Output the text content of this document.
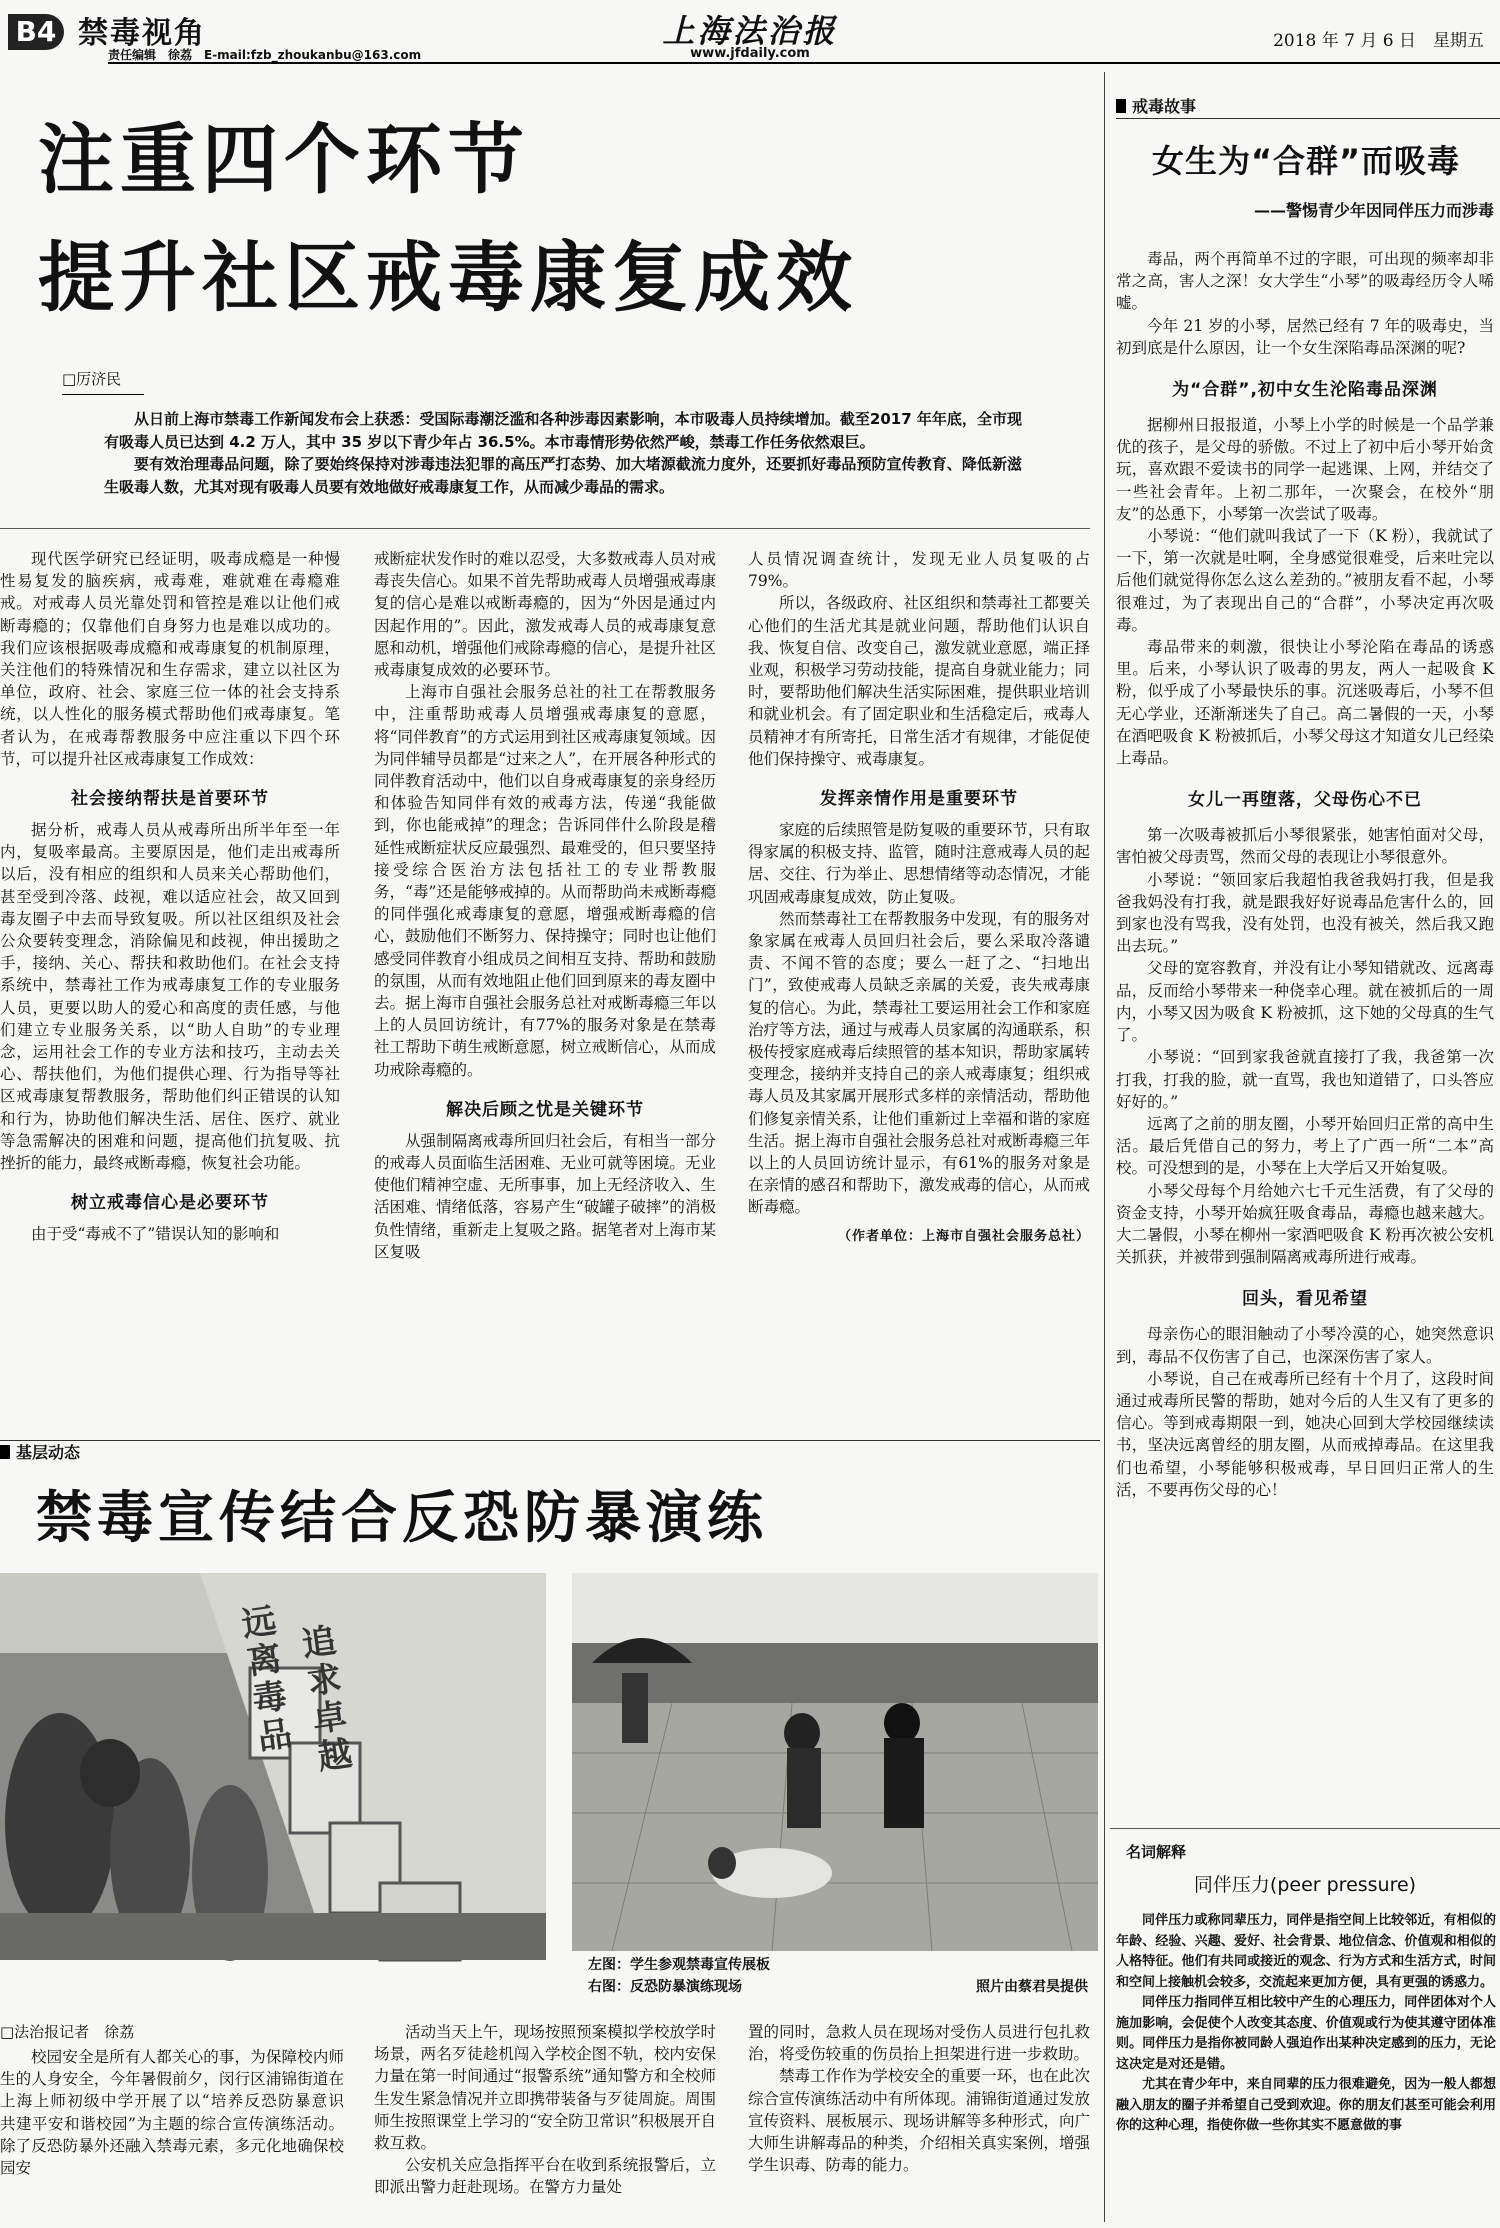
B4 禁毒视角
责任编辑　徐荔　E-mail:fzb_zhoukanbu@163.com
上海法治报
www.jfdaily.com
2018 年 7 月 6 日　星期五
注重四个环节
提升社区戒毒康复成效
□厉济民

从日前上海市禁毒工作新闻发布会上获悉：受国际毒潮泛滥和各种涉毒因素影响，本市吸毒人员持续增加。截至2017 年年底，全市现有吸毒人员已达到 4.2 万人，其中 35 岁以下青少年占 36.5%。本市毒情形势依然严峻，禁毒工作任务依然艰巨。

要有效治理毒品问题，除了要始终保持对涉毒违法犯罪的高压严打态势、加大堵源截流力度外，还要抓好毒品预防宣传教育、降低新滋生吸毒人数，尤其对现有吸毒人员要有效地做好戒毒康复工作，从而减少毒品的需求。

现代医学研究已经证明，吸毒成瘾是一种慢性易复发的脑疾病，戒毒难，难就难在毒瘾难戒。对戒毒人员光靠处罚和管控是难以让他们戒断毒瘾的；仅靠他们自身努力也是难以成功的。我们应该根据吸毒成瘾和戒毒康复的机制原理，关注他们的特殊情况和生存需求，建立以社区为单位，政府、社会、家庭三位一体的社会支持系统，以人性化的服务模式帮助他们戒毒康复。笔者认为，在戒毒帮教服务中应注重以下四个环节，可以提升社区戒毒康复工作成效：

社会接纳帮扶是首要环节

据分析，戒毒人员从戒毒所出所半年至一年内，复吸率最高。主要原因是，他们走出戒毒所以后，没有相应的组织和人员来关心帮助他们，甚至受到冷落、歧视，难以适应社会，故又回到毒友圈子中去而导致复吸。所以社区组织及社会公众要转变理念，消除偏见和歧视，伸出援助之手，接纳、关心、帮扶和救助他们。在社会支持系统中，禁毒社工作为戒毒康复工作的专业服务人员，更要以助人的爱心和高度的责任感，与他们建立专业服务关系，以“助人自助”的专业理念，运用社会工作的专业方法和技巧，主动去关心、帮扶他们，为他们提供心理、行为指导等社区戒毒康复帮教服务，帮助他们纠正错误的认知和行为，协助他们解决生活、居住、医疗、就业等急需解决的困难和问题，提高他们抗复吸、抗挫折的能力，最终戒断毒瘾，恢复社会功能。

树立戒毒信心是必要环节

由于受“毒戒不了”错误认知的影响和

戒断症状发作时的难以忍受，大多数戒毒人员对戒毒丧失信心。如果不首先帮助戒毒人员增强戒毒康复的信心是难以戒断毒瘾的，因为“外因是通过内因起作用的”。因此，激发戒毒人员的戒毒康复意愿和动机，增强他们戒除毒瘾的信心，是提升社区戒毒康复成效的必要环节。

上海市自强社会服务总社的社工在帮教服务中，注重帮助戒毒人员增强戒毒康复的意愿，将“同伴教育”的方式运用到社区戒毒康复领域。因为同伴辅导员都是“过来之人”，在开展各种形式的同伴教育活动中，他们以自身戒毒康复的亲身经历和体验告知同伴有效的戒毒方法，传递“我能做到，你也能戒掉”的理念；告诉同伴什么阶段是稽延性戒断症状反应最强烈、最难受的，但只要坚持接受综合医治方法包括社工的专业帮教服务，“毒”还是能够戒掉的。从而帮助尚未戒断毒瘾的同伴强化戒毒康复的意愿，增强戒断毒瘾的信心，鼓励他们不断努力、保持操守；同时也让他们感受同伴教育小组成员之间相互支持、帮助和鼓励的氛围，从而有效地阻止他们回到原来的毒友圈中去。据上海市自强社会服务总社对戒断毒瘾三年以上的人员回访统计，有77%的服务对象是在禁毒社工帮助下萌生戒断意愿，树立戒断信心，从而成功戒除毒瘾的。

解决后顾之忧是关键环节

从强制隔离戒毒所回归社会后，有相当一部分的戒毒人员面临生活困难、无业可就等困境。无业使他们精神空虚、无所事事，加上无经济收入、生活困难、情绪低落，容易产生“破罐子破摔”的消极负性情绪，重新走上复吸之路。据笔者对上海市某区复吸

人员情况调查统计，发现无业人员复吸的占79%。

所以，各级政府、社区组织和禁毒社工都要关心他们的生活尤其是就业问题，帮助他们认识自我、恢复自信、改变自己，激发就业意愿，端正择业观，积极学习劳动技能，提高自身就业能力；同时，要帮助他们解决生活实际困难，提供职业培训和就业机会。有了固定职业和生活稳定后，戒毒人员精神才有所寄托，日常生活才有规律，才能促使他们保持操守、戒毒康复。

发挥亲情作用是重要环节

家庭的后续照管是防复吸的重要环节，只有取得家属的积极支持、监管，随时注意戒毒人员的起居、交往、行为举止、思想情绪等动态情况，才能巩固戒毒康复成效，防止复吸。

然而禁毒社工在帮教服务中发现，有的服务对象家属在戒毒人员回归社会后，要么采取冷落谴责、不闻不管的态度；要么一赶了之、“扫地出门”，致使戒毒人员缺乏亲属的关爱，丧失戒毒康复的信心。为此，禁毒社工要运用社会工作和家庭治疗等方法，通过与戒毒人员家属的沟通联系，积极传授家庭戒毒后续照管的基本知识，帮助家属转变理念，接纳并支持自己的亲人戒毒康复；组织戒毒人员及其家属开展形式多样的亲情活动，帮助他们修复亲情关系，让他们重新过上幸福和谐的家庭生活。据上海市自强社会服务总社对戒断毒瘾三年以上的人员回访统计显示，有61%的服务对象是在亲情的感召和帮助下，激发戒毒的信心，从而戒断毒瘾。

（作者单位：上海市自强社会服务总社）
基层动态
禁毒宣传结合反恐防暴演练
远离毒品
追求卓越
左图：学生参观禁毒宣传展板
右图：反恐防暴演练现场	照片由蔡君昊提供
□法治报记者　徐荔

校园安全是所有人都关心的事，为保障校内师生的人身安全，今年暑假前夕，闵行区浦锦街道在上海上师初级中学开展了以“培养反恐防暴意识　共建平安和谐校园”为主题的综合宣传演练活动。除了反恐防暴外还融入禁毒元素，多元化地确保校园安

活动当天上午，现场按照预案模拟学校放学时场景，两名歹徒趁机闯入学校企图不轨，校内安保力量在第一时间通过“报警系统”通知警方和全校师生发生紧急情况并立即携带装备与歹徒周旋。周围师生按照课堂上学习的“安全防卫常识”积极展开自救互救。

公安机关应急指挥平台在收到系统报警后，立即派出警力赶赴现场。在警方力量处

置的同时，急救人员在现场对受伤人员进行包扎救治，将受伤较重的伤员抬上担架进行进一步救助。

禁毒工作作为学校安全的重要一环，也在此次综合宣传演练活动中有所体现。浦锦街道通过发放宣传资料、展板展示、现场讲解等多种形式，向广大师生讲解毒品的种类，介绍相关真实案例，增强学生识毒、防毒的能力。

戒毒故事
女生为“合群”而吸毒
——警惕青少年因同伴压力而涉毒

毒品，两个再简单不过的字眼，可出现的频率却非常之高，害人之深！女大学生“小琴”的吸毒经历令人唏嘘。

今年 21 岁的小琴，居然已经有 7 年的吸毒史，当初到底是什么原因，让一个女生深陷毒品深渊的呢?

为“合群”,初中女生沦陷毒品深渊

据柳州日报报道，小琴上小学的时候是一个品学兼优的孩子，是父母的骄傲。不过上了初中后小琴开始贪玩，喜欢跟不爱读书的同学一起逃课、上网，并结交了一些社会青年。上初二那年，一次聚会，在校外“朋友”的怂恿下，小琴第一次尝试了吸毒。

小琴说：“他们就叫我试了一下（K 粉），我就试了一下，第一次就是吐啊，全身感觉很难受，后来吐完以后他们就觉得你怎么这么差劲的。”被朋友看不起，小琴很难过，为了表现出自己的“合群”，小琴决定再次吸毒。

毒品带来的刺激，很快让小琴沦陷在毒品的诱惑里。后来，小琴认识了吸毒的男友，两人一起吸食 K 粉，似乎成了小琴最快乐的事。沉迷吸毒后，小琴不但无心学业，还渐渐迷失了自己。高二暑假的一天，小琴在酒吧吸食 K 粉被抓后，小琴父母这才知道女儿已经染上毒品。

女儿一再堕落，父母伤心不已

第一次吸毒被抓后小琴很紧张，她害怕面对父母，害怕被父母责骂，然而父母的表现让小琴很意外。

小琴说：“领回家后我超怕我爸我妈打我，但是我爸我妈没有打我，就是跟我好好说毒品危害什么的，回到家也没有骂我，没有处罚，也没有被关，然后我又跑出去玩。”

父母的宽容教育，并没有让小琴知错就改、远离毒品，反而给小琴带来一种侥幸心理。就在被抓后的一周内，小琴又因为吸食 K 粉被抓，这下她的父母真的生气了。

小琴说：“回到家我爸就直接打了我，我爸第一次打我，打我的脸，就一直骂，我也知道错了，口头答应好好的。”

远离了之前的朋友圈，小琴开始回归正常的高中生活。最后凭借自己的努力，考上了广西一所“二本”高校。可没想到的是，小琴在上大学后又开始复吸。

小琴父母每个月给她六七千元生活费，有了父母的资金支持，小琴开始疯狂吸食毒品，毒瘾也越来越大。大二暑假，小琴在柳州一家酒吧吸食 K 粉再次被公安机关抓获，并被带到强制隔离戒毒所进行戒毒。

回头，看见希望

母亲伤心的眼泪触动了小琴冷漠的心，她突然意识到，毒品不仅伤害了自己，也深深伤害了家人。

小琴说，自己在戒毒所已经有十个月了，这段时间通过戒毒所民警的帮助，她对今后的人生又有了更多的信心。等到戒毒期限一到，她决心回到大学校园继续读书，坚决远离曾经的朋友圈，从而戒掉毒品。在这里我们也希望，小琴能够积极戒毒，早日回归正常人的生活，不要再伤父母的心！

名词解释
同伴压力(peer pressure)

同伴压力或称同辈压力，同伴是指空间上比较邻近，有相似的年龄、经验、兴趣、爱好、社会背景、地位信念、价值观和相似的人格特征。他们有共同或接近的观念、行为方式和生活方式，时间和空间上接触机会较多，交流起来更加方便，具有更强的诱惑力。

同伴压力指同伴互相比较中产生的心理压力，同伴团体对个人施加影响，会促使个人改变其态度、价值观或行为使其遵守团体准则。同伴压力是指你被同龄人强迫作出某种决定感到的压力，无论这决定是对还是错。

尤其在青少年中，来自同辈的压力很难避免，因为一般人都想融入朋友的圈子并希望自己受到欢迎。你的朋友们甚至可能会利用你的这种心理，指使你做一些你其实不愿意做的事
